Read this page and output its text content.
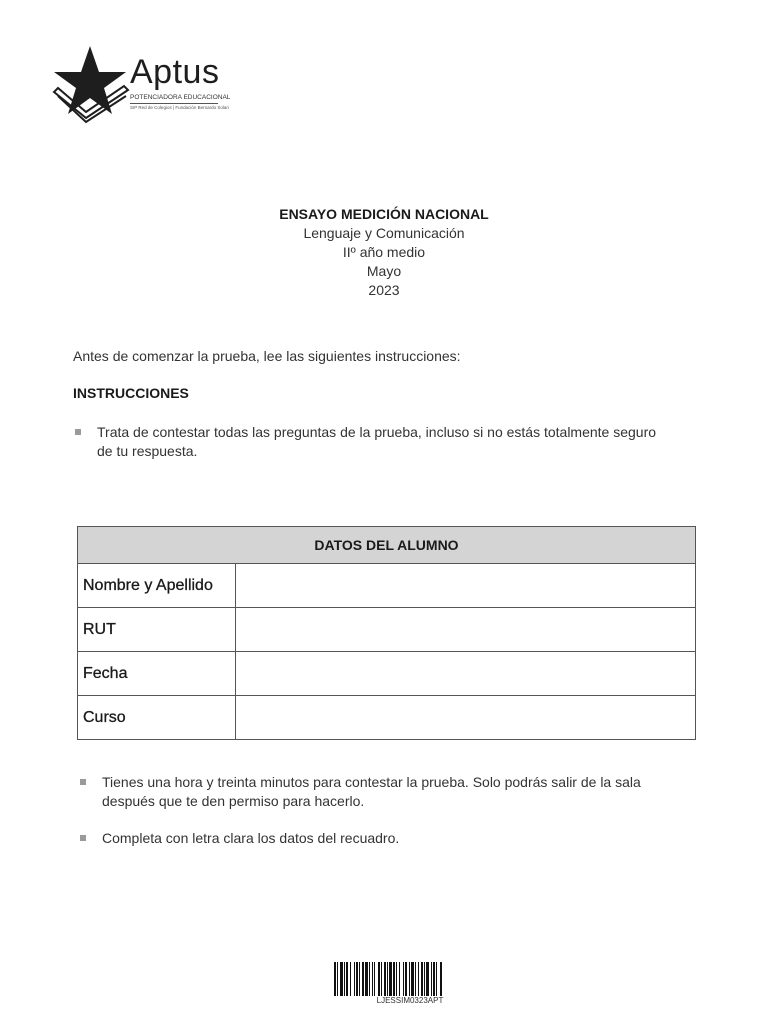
Aptus
POTENCIADORA EDUCACIONAL
SIP Red de Colegios | Fundación Bernardo Solari
ENSAYO MEDICIÓN NACIONAL
Lenguaje y Comunicación
IIº año medio
Mayo
2023
Antes de comenzar la prueba, lee las siguientes instrucciones:
INSTRUCCIONES
Trata de contestar todas las preguntas de la prueba, incluso si no estás totalmente seguro
de tu respuesta.
DATOS DEL ALUMNO	
Nombre y Apellido	
RUT	
Fecha	
Curso	
Tienes una hora y treinta minutos para contestar la prueba. Solo podrás salir de la sala
después que te den permiso para hacerlo.
Completa con letra clara los datos del recuadro.
LJESSIM0323APT
